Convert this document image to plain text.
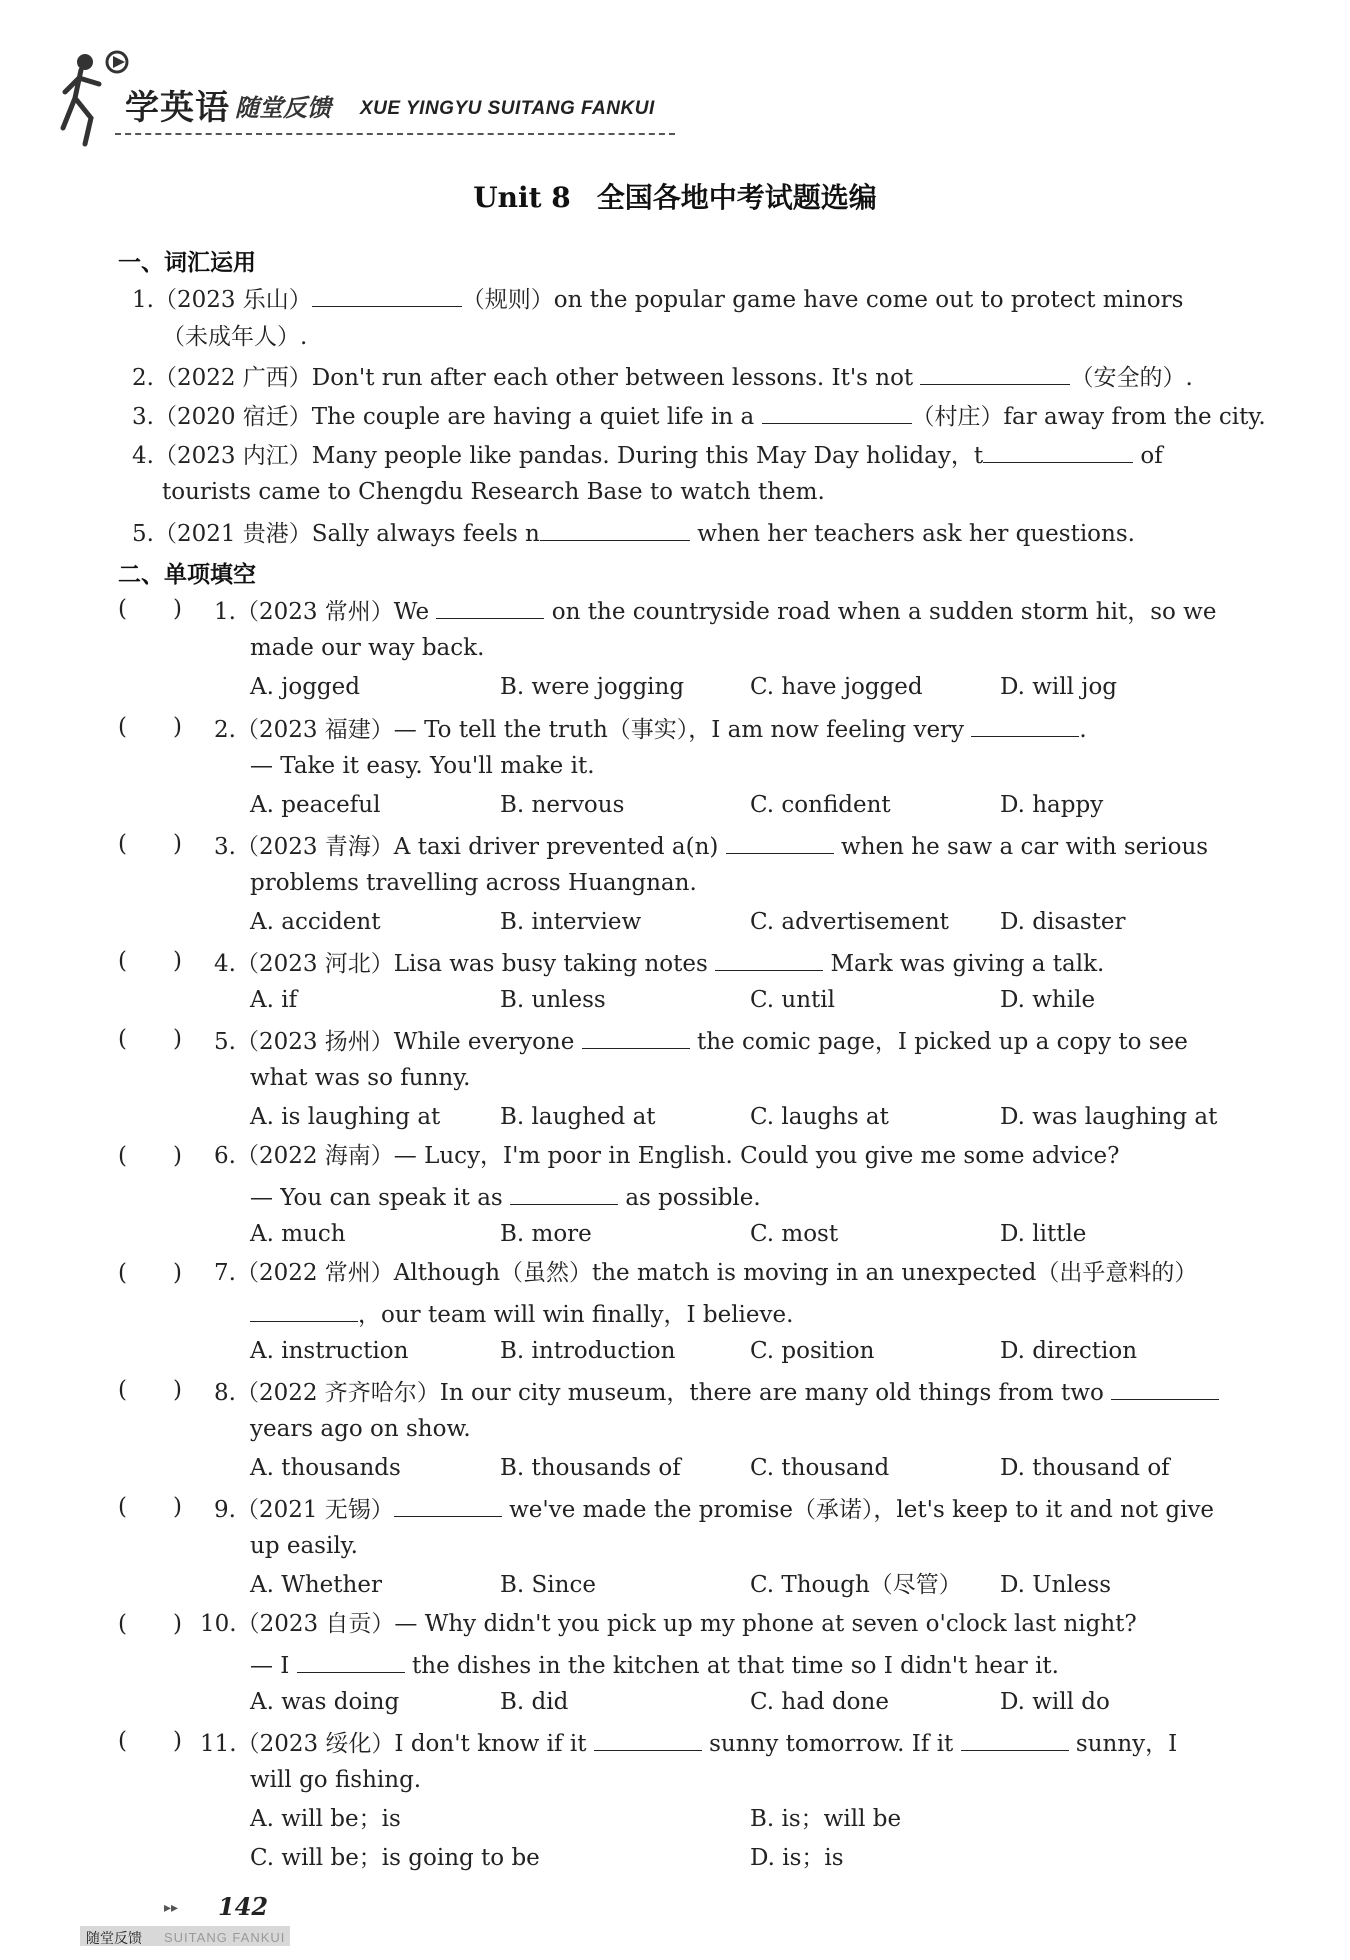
学英语 随堂反馈 XUE YINGYU SUITANG FANKUI
Unit 8 全国各地中考试题选编
一、词汇运用
1.（2023 乐山）	（规则）on the popular game have come out to protect minors
（未成年人）.
2.（2022 广西）Don't run after each other between lessons. It's not	（安全的）.
3.（2020 宿迁）The couple are having a quiet life in a	（村庄）far away from the city.
4.（2023 内江）Many people like pandas. During this May Day holiday，t	of
tourists came to Chengdu Research Base to watch them.
5.（2021 贵港）Sally always feels n	when her teachers ask her questions.
二、单项填空
(　　) 1.（2023 常州）We	on the countryside road when a sudden storm hit，so we
made our way back.
A. jogged	B. were jogging	C. have jogged	D. will jog
(　　) 2.（2023 福建）— To tell the truth（事实），I am now feeling very	.
— Take it easy. You'll make it.
A. peaceful	B. nervous	C. confident	D. happy
(　　) 3.（2023 青海）A taxi driver prevented a(n)	when he saw a car with serious
problems travelling across Huangnan.
A. accident	B. interview	C. advertisement D. disaster
(　　) 4.（2023 河北）Lisa was busy taking notes	Mark was giving a talk.
A. if	B. unless	C. until	D. while
(　　) 5.（2023 扬州）While everyone	the comic page，I picked up a copy to see
what was so funny.
A. is laughing at	B. laughed at	C. laughs at	D. was laughing at
(　　) 6.（2022 海南）— Lucy，I'm poor in English. Could you give me some advice?
— You can speak it as	as possible.
A. much	B. more	C. most	D. little
(　　) 7.（2022 常州）Although（虽然）the match is moving in an unexpected（出乎意料的）
，our team will win finally，I believe.
A. instruction	B. introduction	C. position	D. direction
(　　) 8.（2022 齐齐哈尔）In our city museum，there are many old things from two
years ago on show.
A. thousands	B. thousands of	C. thousand	D. thousand of
(　　) 9.（2021 无锡）	we've made the promise（承诺），let's keep to it and not give
up easily.
A. Whether	B. Since	C. Though（尽管） D. Unless
(　　) 10.（2023 自贡）— Why didn't you pick up my phone at seven o'clock last night?
— I	the dishes in the kitchen at that time so I didn't hear it.
A. was doing	B. did	C. had done	D. will do
(　　) 11.（2023 绥化）I don't know if it	sunny tomorrow. If it	sunny，I
will go fishing.
A. will be；is	B. is；will be
C. will be；is going to be	D. is；is
▸▸ 142
随堂反馈 SUITANG FANKUI
